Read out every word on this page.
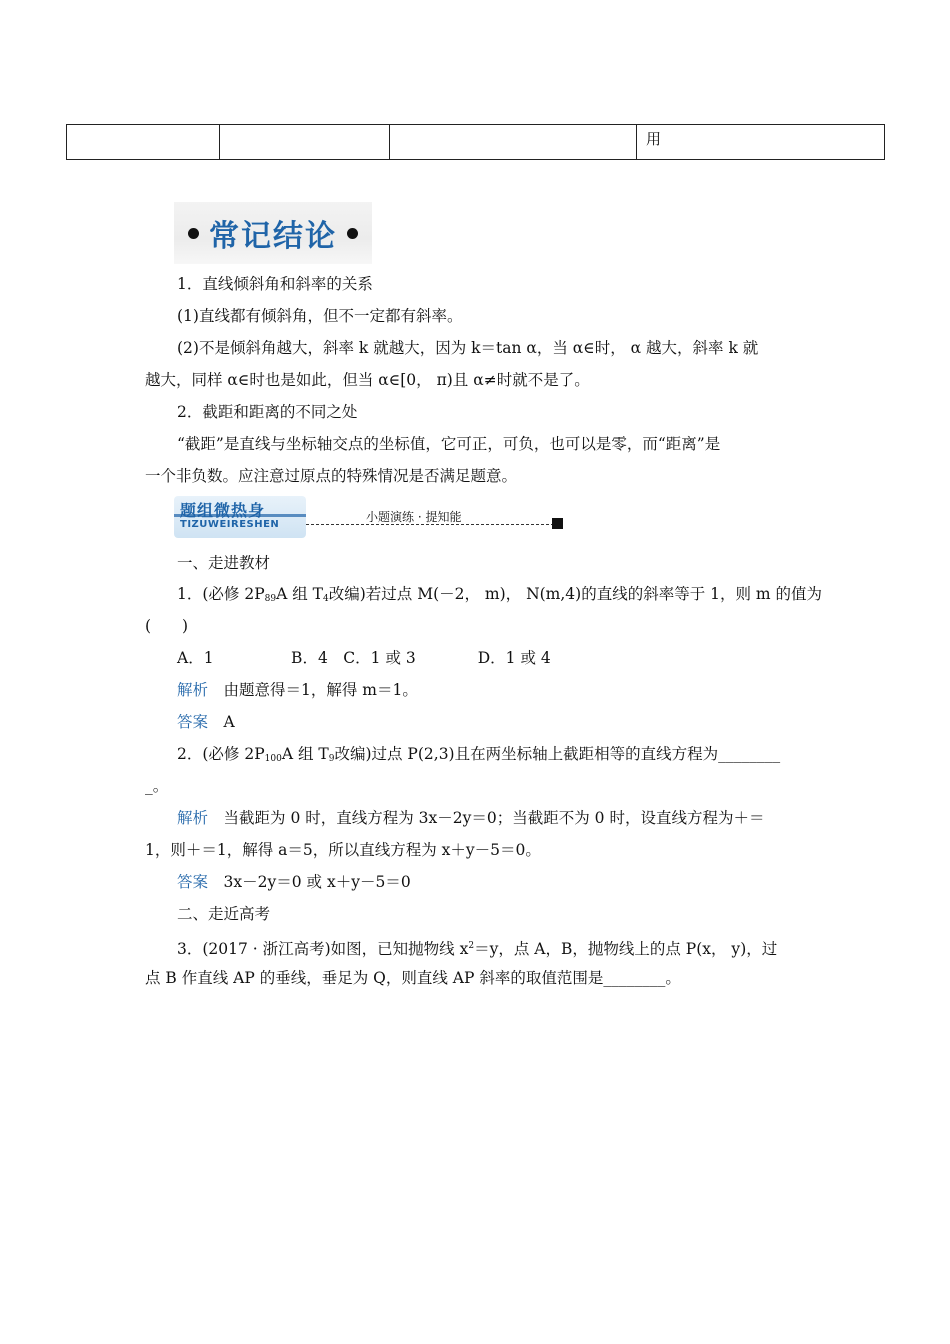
			用
常记结论
1．直线倾斜角和斜率的关系
(1)直线都有倾斜角，但不一定都有斜率。
(2)不是倾斜角越大，斜率 k 就越大，因为 k＝tan α，当 α∈时， α 越大，斜率 k 就
越大，同样 α∈时也是如此，但当 α∈[0， π)且 α≠时就不是了。
2．截距和距离的不同之处
“截距”是直线与坐标轴交点的坐标值，它可正，可负，也可以是零，而“距离”是
一个非负数。应注意过原点的特殊情况是否满足题意。
题组微热身
TIZUWEIRESHEN
小题演练 · 提知能
一、走进教材
1．(必修 $2P_{89}A$ 组 $T_4$改编)若过点 M(－2， m)， N(m,4)的直线的斜率等于 1，则 m 的值为
(　　)
A．1　　　　　B．4　C．1 或 3　　　　D．1 或 4
解析　由题意得＝1，解得 m＝1。
答案　A
2．(必修 $2P_{100}A$ 组 $T_9$改编)过点 P(2,3)且在两坐标轴上截距相等的直线方程为________
_。
解析　当截距为 0 时，直线方程为 3x－2y＝0；当截距不为 0 时，设直线方程为＋＝
1，则＋＝1，解得 a＝5，所以直线方程为 x＋y－5＝0。
答案　3x－2y＝0 或 x＋y－5＝0
二、走近高考
3．(2017 · 浙江高考)如图，已知抛物线 $x^2=y$，点 A，B，抛物线上的点 P(x， y)，过
点 B 作直线 AP 的垂线，垂足为 Q，则直线 AP 斜率的取值范围是________。
